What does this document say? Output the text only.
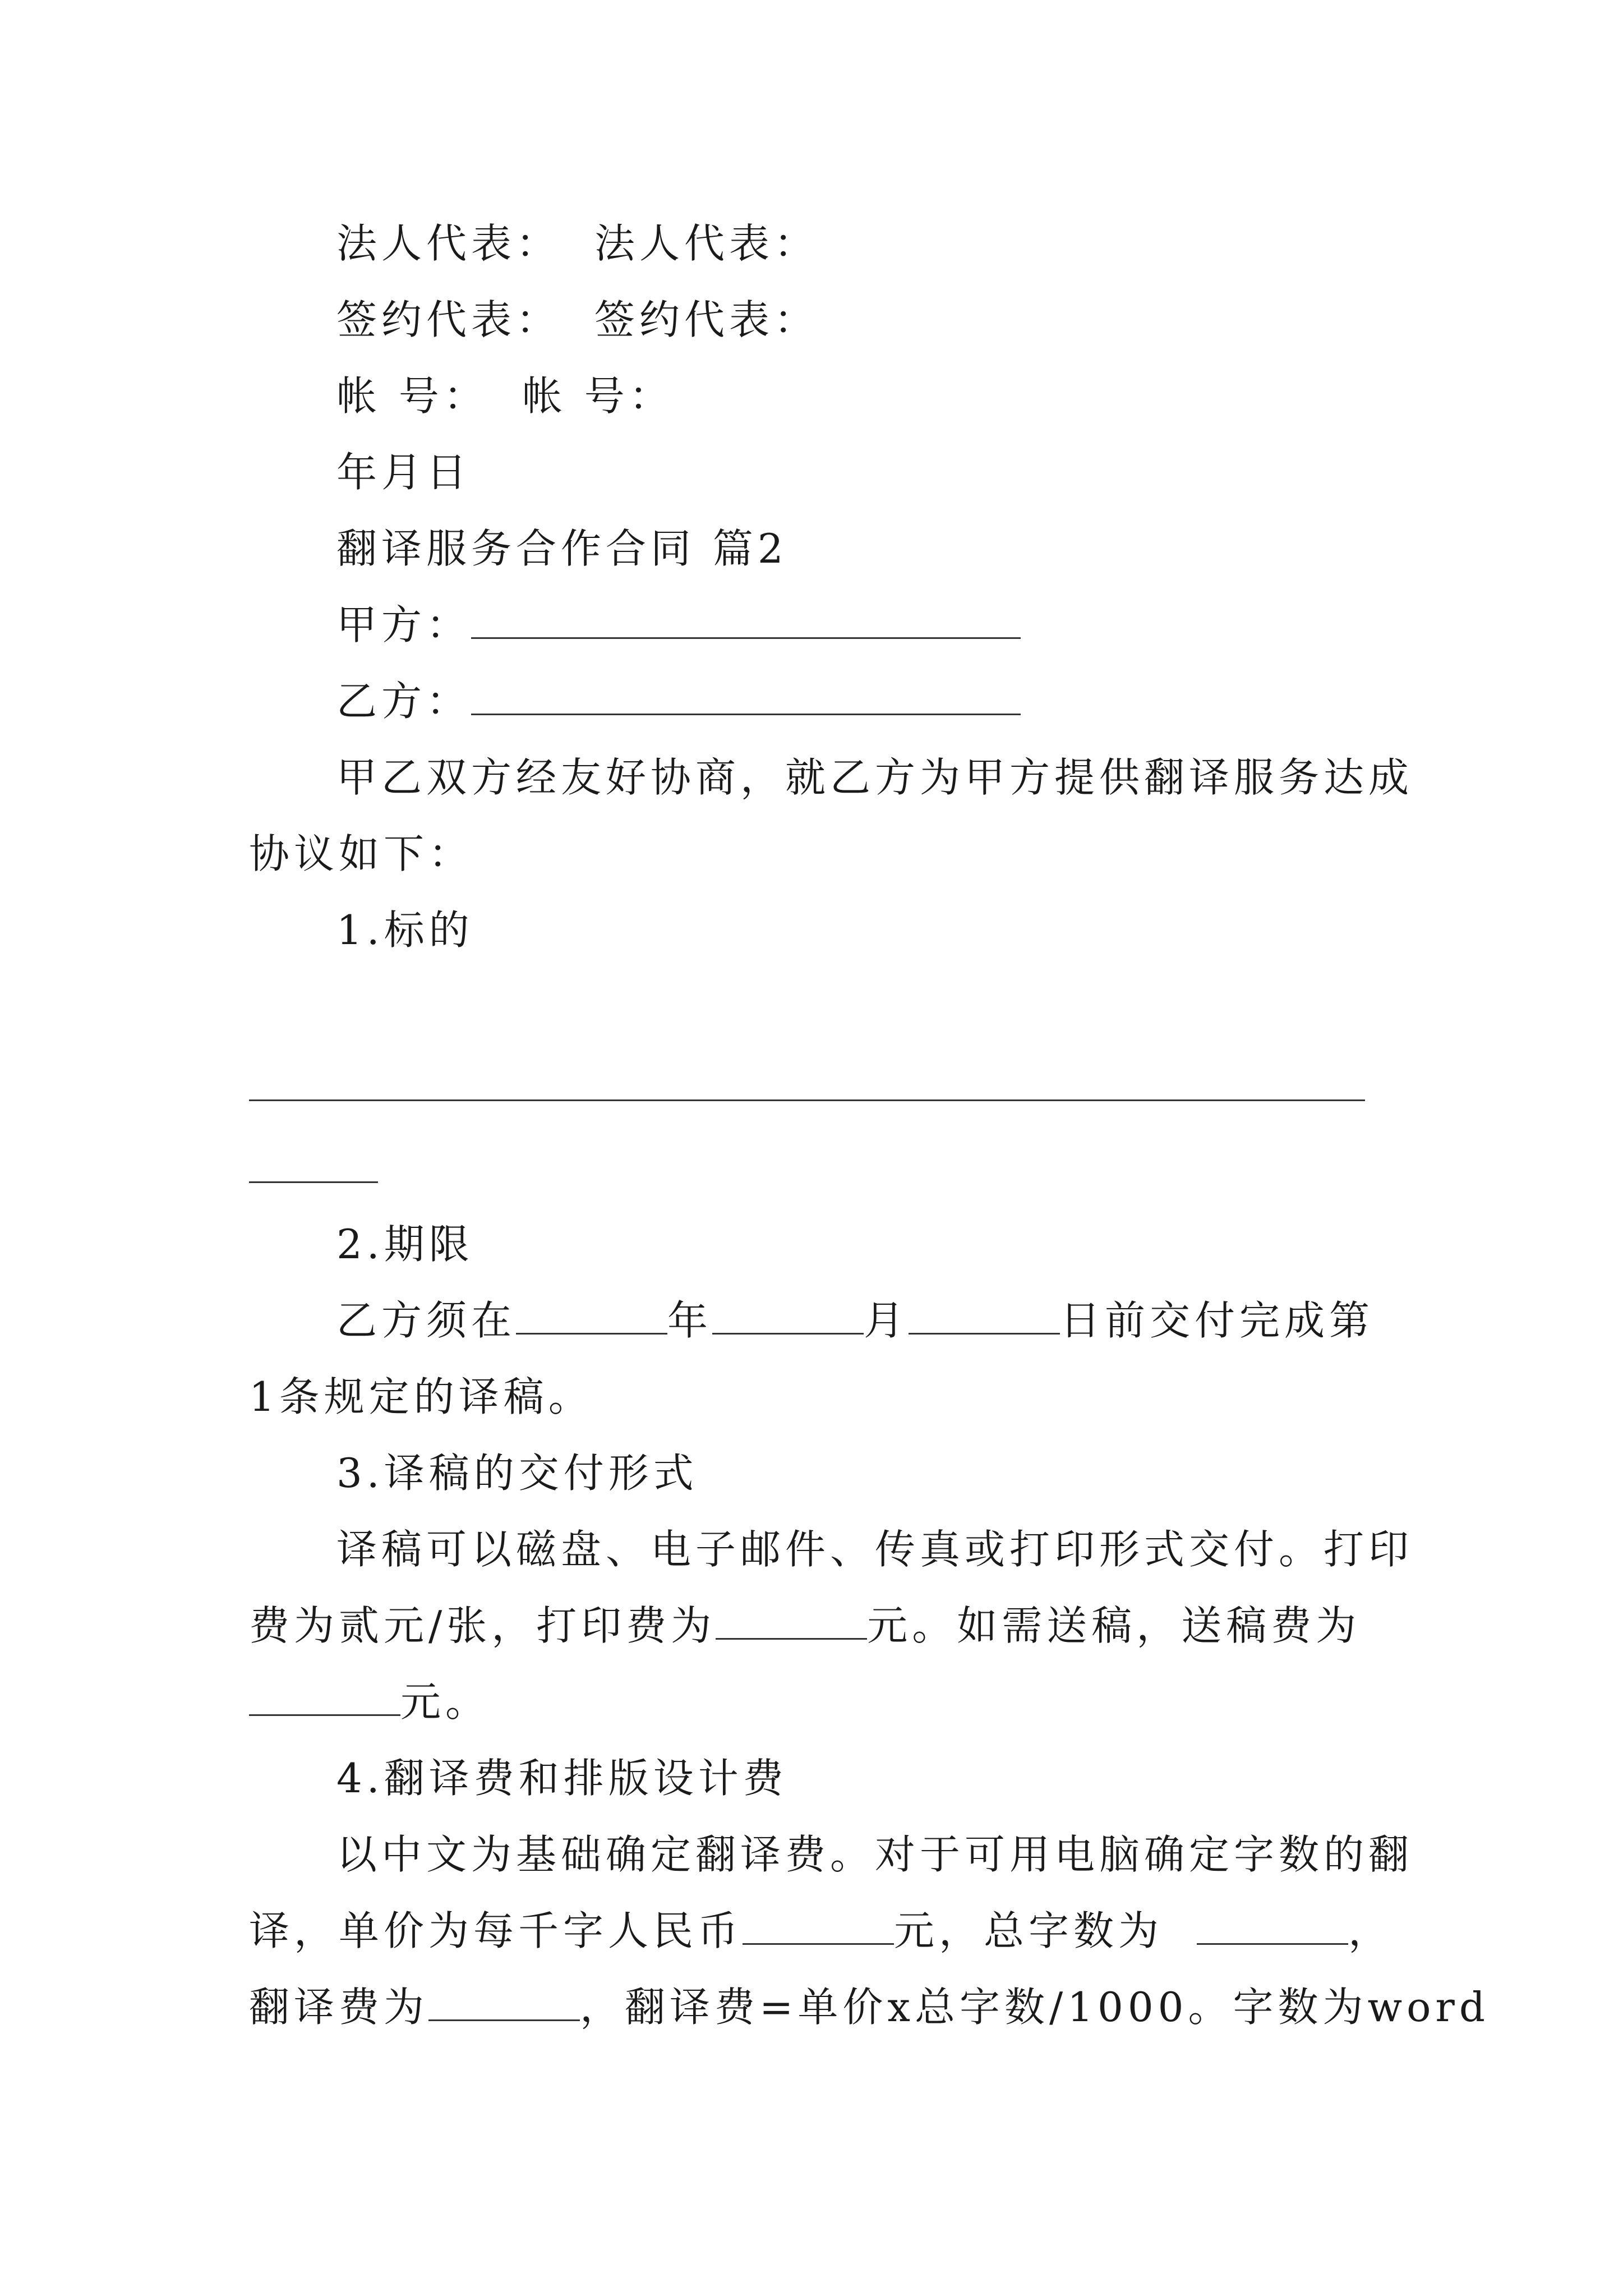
法人代表： 法人代表：
签约代表： 签约代表：
帐 号： 帐 号：
年月日
翻译服务合作合同 篇2
甲方：
乙方：
甲乙双方经友好协商，就乙方为甲方提供翻译服务达成
协议如下：
1.标的
2.期限
乙方须在	年	月	日前交付完成第
1条规定的译稿。
3.译稿的交付形式
译稿可以磁盘、电子邮件、传真或打印形式交付。打印
费为贰元/张，打印费为	元。如需送稿，送稿费为
元。
4.翻译费和排版设计费
以中文为基础确定翻译费。对于可用电脑确定字数的翻
译，单价为每千字人民币	元，总字数为	，
翻译费为	，翻译费=单价x总字数/1000。字数为word
